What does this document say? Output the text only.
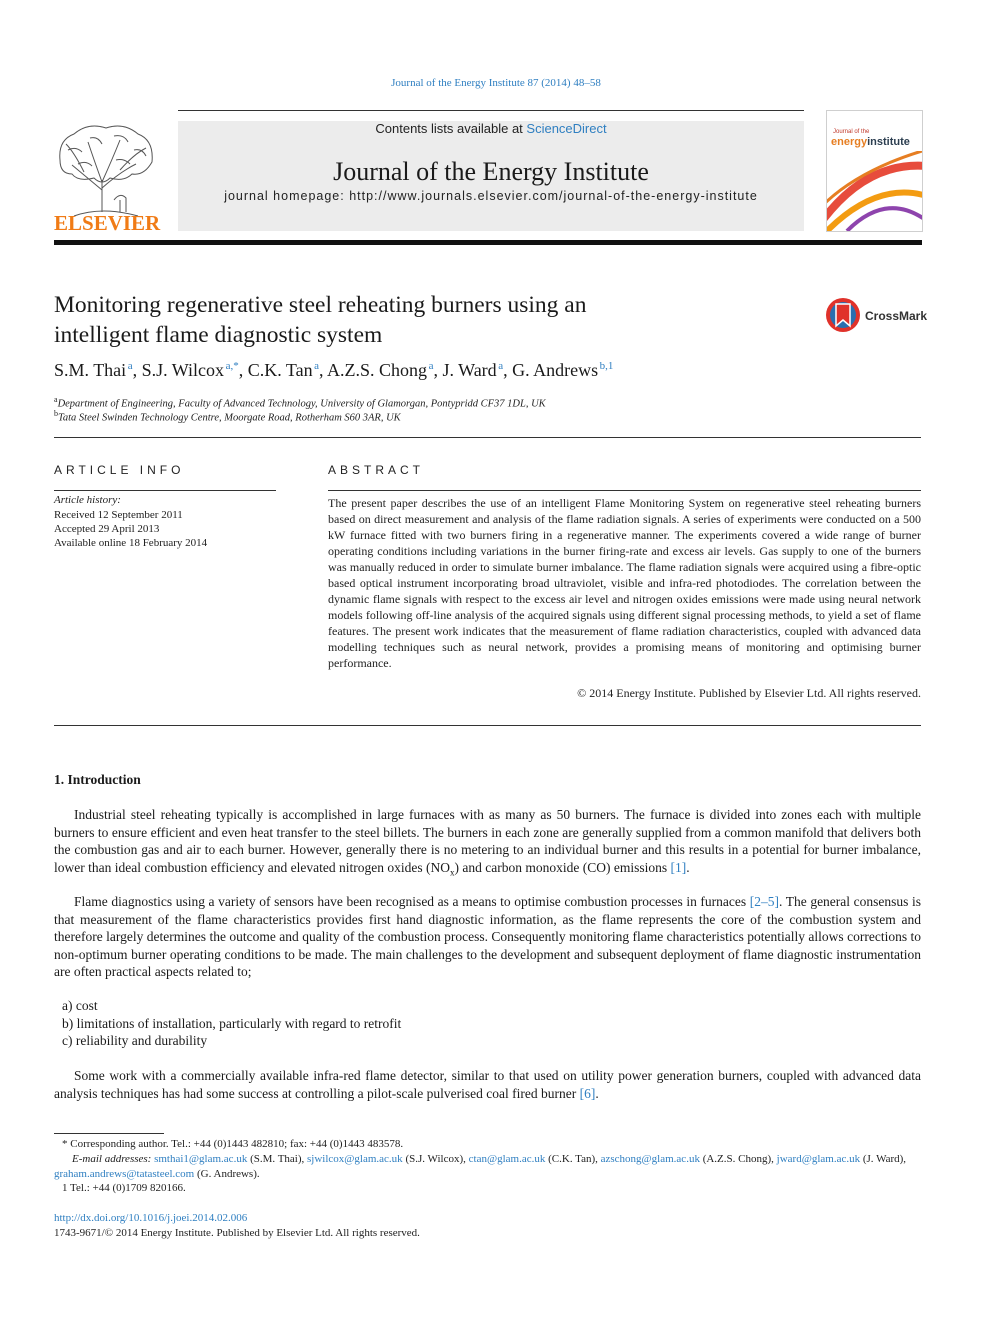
Journal of the Energy Institute 87 (2014) 48–58
ELSEVIER
Contents lists available at ScienceDirect
Journal of the Energy Institute
journal homepage: http://www.journals.elsevier.com/journal-of-the-energy-institute
Journal of the
energyinstitute
Monitoring regenerative steel reheating burners using an
intelligent flame diagnostic system
CrossMark
S.M. Thai  $^a$, S.J. Wilcox  $^{a,*}$, C.K. Tan  $^a$, A.Z.S. Chong  $^a$, J. Ward  $^a$, G. Andrews  $^{b,1}$
$^a$Department of Engineering, Faculty of Advanced Technology, University of Glamorgan, Pontypridd CF37 1DL, UK
$^b$Tata Steel Swinden Technology Centre, Moorgate Road, Rotherham S60 3AR, UK
ARTICLE INFO
Article history:
Received 12 September 2011
Accepted 29 April 2013
Available online 18 February 2014
ABSTRACT
The present paper describes the use of an intelligent Flame Monitoring System on regenerative steel reheating burners based on direct measurement and analysis of the flame radiation signals. A series of experiments were conducted on a 500 kW furnace fitted with two burners firing in a regenerative manner. The experiments covered a wide range of burner operating conditions including variations in the burner firing-rate and excess air levels. Gas supply to one of the burners was manually reduced in order to simulate burner imbalance. The flame radiation signals were acquired using a fibre-optic based optical instrument incorporating broad ultraviolet, visible and infra-red photodiodes. The correlation between the dynamic flame signals with respect to the excess air level and nitrogen oxides emissions were made using neural network models following off-line analysis of the acquired signals using different signal processing methods, to yield a set of flame features. The present work indicates that the measurement of flame radiation characteristics, coupled with advanced data modelling techniques such as neural network, provides a promising means of monitoring and optimising burner performance.
© 2014 Energy Institute. Published by Elsevier Ltd. All rights reserved.
1. Introduction
Industrial steel reheating typically is accomplished in large furnaces with as many as 50 burners. The furnace is divided into zones each with multiple burners to ensure efficient and even heat transfer to the steel billets. The burners in each zone are generally supplied from a common manifold that delivers both the combustion gas and air to each burner. However, generally there is no metering to an individual burner and this results in a potential for burner imbalance, lower than ideal combustion efficiency and elevated nitrogen oxides $(NO_x)$ and carbon monoxide (CO) emissions [1].
Flame diagnostics using a variety of sensors have been recognised as a means to optimise combustion processes in furnaces [2–5]. The general consensus is that measurement of the flame characteristics provides first hand diagnostic information, as the flame represents the core of the combustion system and therefore largely determines the outcome and quality of the combustion process. Consequently monitoring flame characteristics potentially allows corrections to non-optimum burner operating conditions to be made. The main challenges to the development and subsequent deployment of flame diagnostic instrumentation are often practical aspects related to;
a) cost
b) limitations of installation, particularly with regard to retrofit
c) reliability and durability
Some work with a commercially available infra-red flame detector, similar to that used on utility power generation burners, coupled with advanced data analysis techniques has had some success at controlling a pilot-scale pulverised coal fired burner [6].
* Corresponding author. Tel.: +44 (0)1443 482810; fax: +44 (0)1443 483578.
E-mail addresses: smthai1@glam.ac.uk (S.M. Thai), sjwilcox@glam.ac.uk (S.J. Wilcox), ctan@glam.ac.uk (C.K. Tan), azschong@glam.ac.uk (A.Z.S. Chong), jward@glam.ac.uk (J. Ward), graham.andrews@tatasteel.com (G. Andrews).
1 Tel.: +44 (0)1709 820166.
http://dx.doi.org/10.1016/j.joei.2014.02.006
1743-9671/© 2014 Energy Institute. Published by Elsevier Ltd. All rights reserved.
